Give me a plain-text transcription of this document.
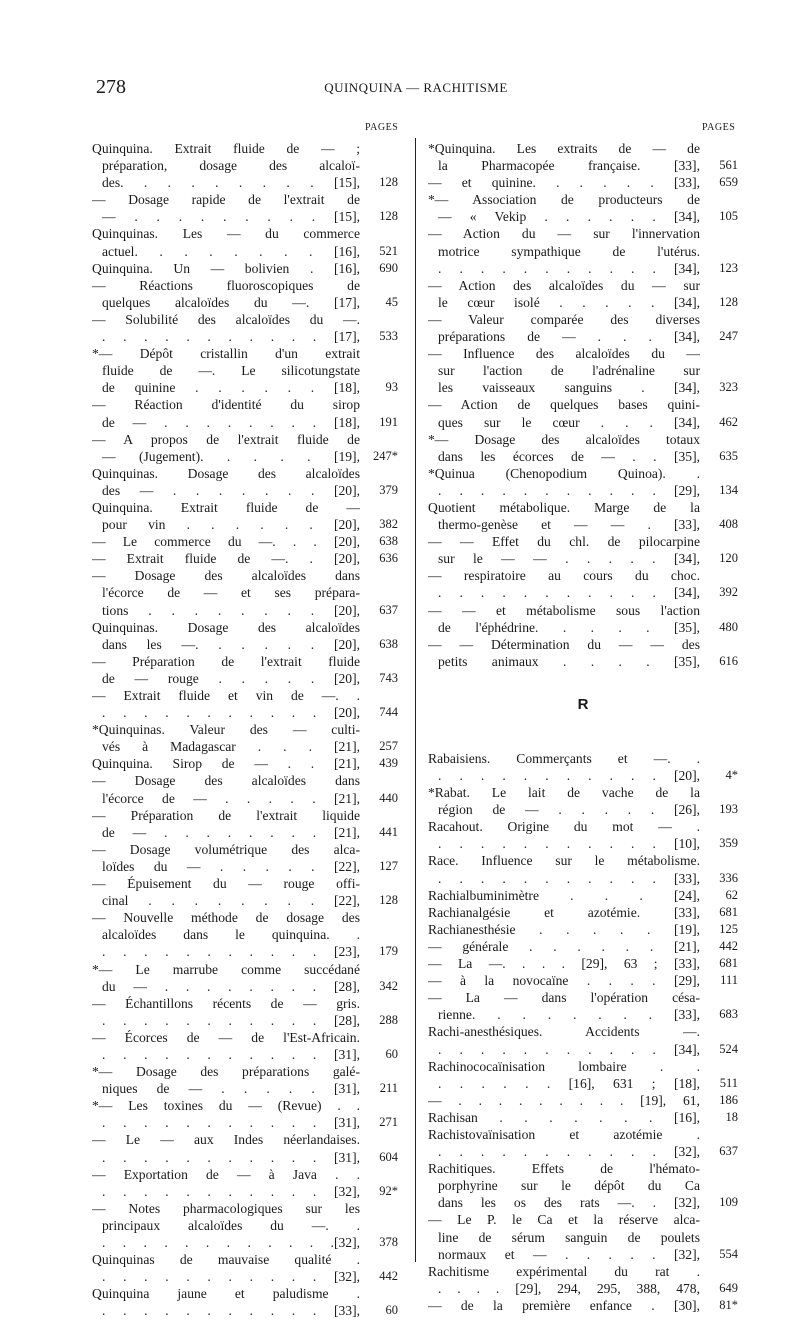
278	QUINQUINA — RACHITISME
PAGES	PAGES
Quinquina. Extrait fluide de — ;
préparation, dosage des alcaloï-
des. . . . . . . . . [15],	128
— Dosage rapide de l'extrait de
— . . . . . . . . . [15],	128
Quinquinas. Les — du commerce
actuel. . . . . . . . [16],	521
Quinquina. Un — bolivien . [16],	690
— Réactions fluoroscopiques de
quelques alcaloïdes du —. [17],	45
— Solubilité des alcaloïdes du —.
. . . . . . . . . . . [17],	533
*— Dépôt cristallin d'un extrait
fluide de —. Le silicotungstate
de quinine . . . . . . [18],	93
— Réaction d'identité du sirop
de — . . . . . . . . [18],	191
— A propos de l'extrait fluide de
— (Jugement). . . . . [19],	247*
Quinquinas. Dosage des alcaloïdes
des — . . . . . . . [20],	379
Quinquina. Extrait fluide de —
pour vin . . . . . . [20],	382
— Le commerce du —. . . [20],	638
— Extrait fluide de —. . [20],	636
— Dosage des alcaloïdes dans
l'écorce de — et ses prépara-
tions . . . . . . . . [20],	637
Quinquinas. Dosage des alcaloïdes
dans les —. . . . . . [20],	638
— Préparation de l'extrait fluide
de — rouge . . . . . [20],	743
— Extrait fluide et vin de —. .
. . . . . . . . . . . [20],	744
*Quinquinas. Valeur des — culti-
vés à Madagascar . . . [21],	257
Quinquina. Sirop de — . . [21],	439
— Dosage des alcaloïdes dans
l'écorce de — . . . . . [21],	440
— Préparation de l'extrait liquide
de — . . . . . . . . [21],	441
— Dosage volumétrique des alca-
loïdes du — . . . . . [22],	127
— Épuisement du — rouge offi-
cinal . . . . . . . . [22],	128
— Nouvelle méthode de dosage des
alcaloïdes dans le quinquina. .
. . . . . . . . . . . [23],	179
*— Le marrube comme succédané
du — . . . . . . . . [28],	342
— Échantillons récents de — gris.
. . . . . . . . . . . [28],	288
— Écorces de — de l'Est-Africain.
. . . . . . . . . . . [31],	60
*— Dosage des préparations galé-
niques de — . . . . . [31],	211
*— Les toxines du — (Revue) . .
. . . . . . . . . . . [31],	271
— Le — aux Indes néerlandaises.
. . . . . . . . . . . [31],	604
— Exportation de — à Java . .
. . . . . . . . . . . [32],	92*
— Notes pharmacologiques sur les
principaux alcaloïdes du —. .
. . . . . . . . . . . .[32],	378
Quinquinas de mauvaise qualité .
. . . . . . . . . . . [32],	442
Quinquina jaune et paludisme .
. . . . . . . . . . . [33],	60
*Quinquina. Les extraits de — de
la Pharmacopée française. [33],	561
— et quinine. . . . . . [33],	659
*— Association de producteurs de
— « Vekip . . . . . . [34],	105
— Action du — sur l'innervation
motrice sympathique de l'utérus.
. . . . . . . . . . . [34],	123
— Action des alcaloïdes du — sur
le cœur isolé . . . . . [34],	128
— Valeur comparée des diverses
préparations de — . . . [34],	247
— Influence des alcaloïdes du —
sur l'action de l'adrénaline sur
les vaisseaux sanguins . [34],	323
— Action de quelques bases quini-
ques sur le cœur . . . [34],	462
*— Dosage des alcaloïdes totaux
dans les écorces de — . . [35],	635
*Quinua (Chenopodium Quinoa). .
. . . . . . . . . . . [29],	134
Quotient métabolique. Marge de la
thermo-genèse et — — . [33],	408
— — Effet du chl. de pilocarpine
sur le — — . . . . . [34],	120
— respiratoire au cours du choc.
. . . . . . . . . . . [34],	392
— — et métabolisme sous l'action
de l'éphédrine. . . . . [35],	480
— — Détermination du — — des
petits animaux . . . . [35],	616
R
Rabaisiens. Commerçants et —. .
. . . . . . . . . . . [20],	4*
*Rabat. Le lait de vache de la
région de — . . . . . [26],	193
Racahout. Origine du mot — .
. . . . . . . . . . . [10],	359
Race. Influence sur le métabolisme.
. . . . . . . . . . . [33],	336
Rachialbuminimètre . . . [24],	62
Rachianalgésie et azotémie. [33],	681
Rachianesthésie . . . . . [19],	125
— générale . . . . . . [21],	442
— La —. . . . [29], 63 ; [33],	681
— à la novocaïne . . . . [29],	111
— La — dans l'opération césa-
rienne. . . . . . . . [33],	683
Rachi-anesthésiques. Accidents —.
. . . . . . . . . . . [34],	524
Rachinococaïnisation lombaire . .
. . . . . . [16], 631 ; [18],	511
— . . . . . . . . . [19], 61,	186
Rachisan . . . . . . . [16],	18
Rachistovaïnisation et azotémie .
. . . . . . . . . . . [32],	637
Rachitiques. Effets de l'hémato-
porphyrine sur le dépôt du Ca
dans les os des rats —. . [32],	109
— Le P. le Ca et la réserve alca-
line de sérum sanguin de poulets
normaux et — . . . . . [32],	554
Rachitisme expérimental du rat .
. . . . [29], 294, 295, 388, 478,	649
— de la première enfance . [30],	81*
